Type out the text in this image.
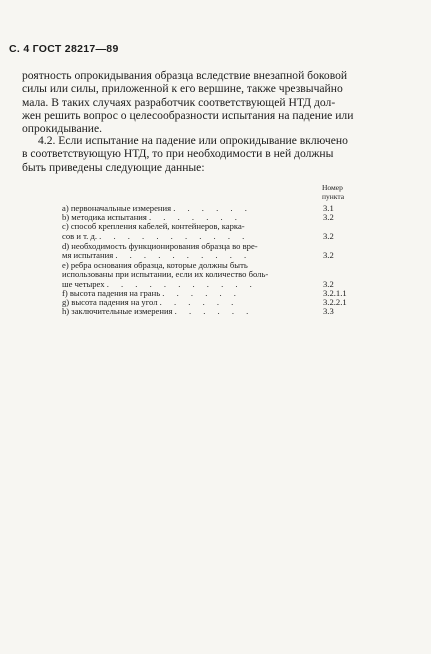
С. 4 ГОСТ 28217—89
роятность опрокидывания образца вследствие внезапной боковой
силы или силы, приложенной к его вершине, также чрезвычайно
мала. В таких случаях разработчик соответствующей НТД дол-
жен решить вопрос о целесообразности испытания на падение или
опрокидывание.
4.2. Если испытание на падение или опрокидывание включено
в соответствующую НТД, то при необходимости в ней должны
быть приведены следующие данные:
Номер
пункта
а) первоначальные измерения . . . . . .	3.1
b) методика испытания . . . . . . .	3.2
с) способ крепления кабелей, контейнеров, карка-
сов и т. д. . . . . . . . . . . .	3.2
d) необходимость функционирования образца во вре-
мя испытания . . . . . . . . . .	3.2
е) ребра основания образца, которые должны быть
использованы при испытании, если их количество боль-
ше четырех . . . . . . . . . . .	3.2
f) высота падения на грань . . . . . .	3.2.1.1
g) высота падения на угол . . . . . .	3.2.2.1
h) заключительные измерения . . . . . .	3.3
